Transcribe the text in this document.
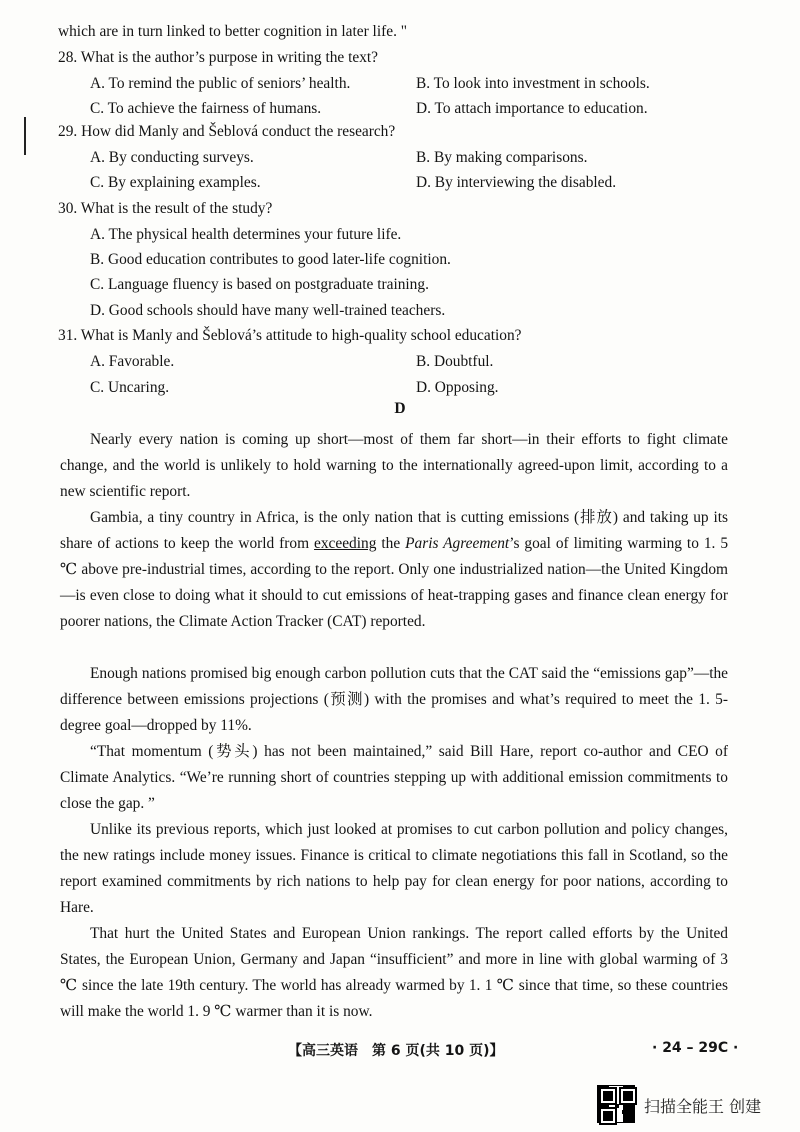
which are in turn linked to better cognition in later life. "
28. What is the author’s purpose in writing the text?
A. To remind the public of seniors’ health.	B. To look into investment in schools.
C. To achieve the fairness of humans.	D. To attach importance to education.
29. How did Manly and Šeblová conduct the research?
A. By conducting surveys.	B. By making comparisons.
C. By explaining examples.	D. By interviewing the disabled.
30. What is the result of the study?
A. The physical health determines your future life.
B. Good education contributes to good later-life cognition.
C. Language fluency is based on postgraduate training.
D. Good schools should have many well-trained teachers.
31. What is Manly and Šeblová’s attitude to high-quality school education?
A. Favorable.	B. Doubtful.
C. Uncaring.	D. Opposing.
D
Nearly every nation is coming up short—most of them far short—in their efforts to fight climate change, and the world is unlikely to hold warning to the internationally agreed-upon limit, according to a new scientific report.
Gambia, a tiny country in Africa, is the only nation that is cutting emissions (排放) and taking up its share of actions to keep the world from exceeding the Paris Agreement’s goal of limiting warming to 1. 5 ℃ above pre-industrial times, according to the report. Only one industrialized nation—the United Kingdom—is even close to doing what it should to cut emissions of heat-trapping gases and finance clean energy for poorer nations, the Climate Action Tracker (CAT) reported.
Enough nations promised big enough carbon pollution cuts that the CAT said the “emissions gap”—the difference between emissions projections (预测) with the promises and what’s required to meet the 1. 5-degree goal—dropped by 11%.
“That momentum (势头) has not been maintained,” said Bill Hare, report co-author and CEO of Climate Analytics. “We’re running short of countries stepping up with additional emission commitments to close the gap. ”
Unlike its previous reports, which just looked at promises to cut carbon pollution and policy changes, the new ratings include money issues. Finance is critical to climate negotiations this fall in Scotland, so the report examined commitments by rich nations to help pay for clean energy for poor nations, according to Hare.
That hurt the United States and European Union rankings. The report called efforts by the United States, the European Union, Germany and Japan “insufficient” and more in line with global warming of 3 ℃ since the late 19th century. The world has already warmed by 1. 1 ℃ since that time, so these countries will make the world 1. 9 ℃ warmer than it is now.
【高三英语　第 6 页(共 10 页)】	· 24 – 29C ·
扫描全能王 创建
